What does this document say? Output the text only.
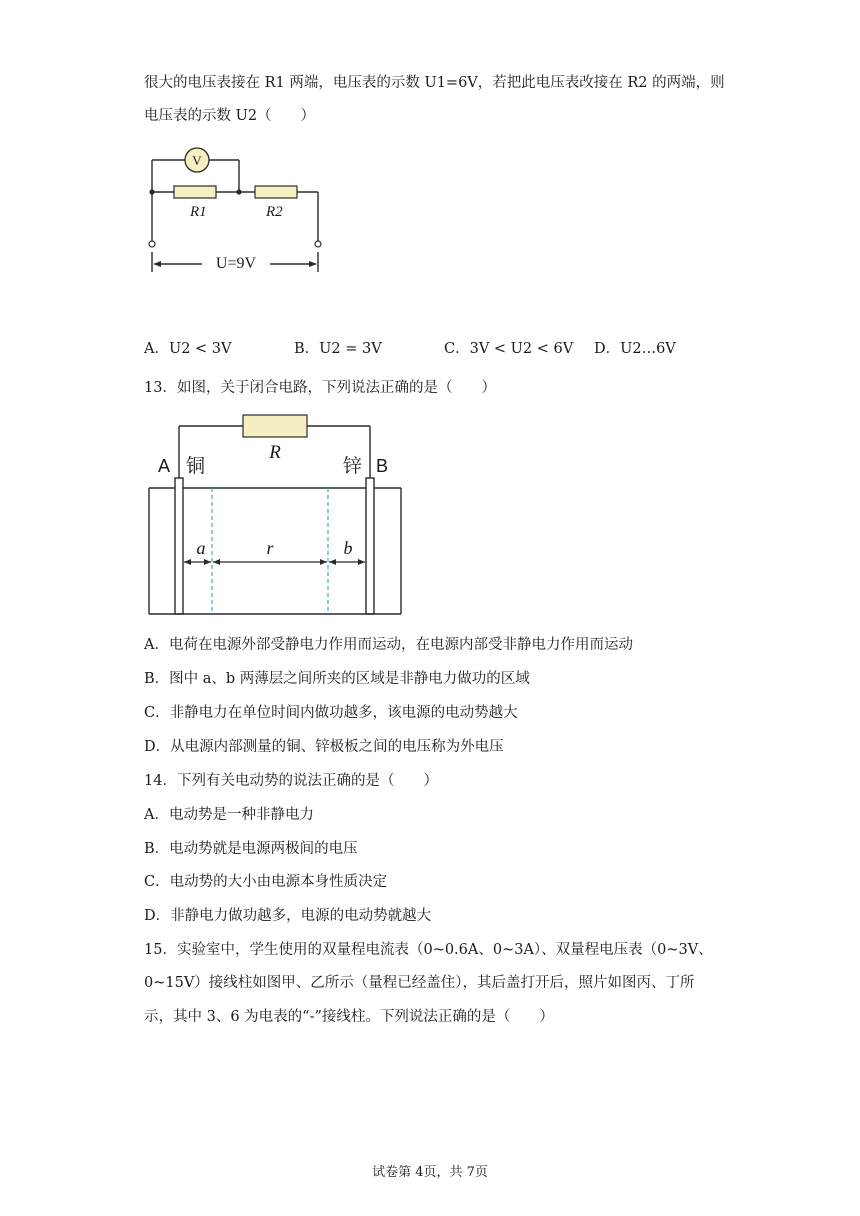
很大的电压表接在 R1 两端，电压表的示数 U1=6V，若把此电压表改接在 R2 的两端，则
电压表的示数 U2（　　）
V
R1	R2
U=9V
A．U2 < 3V	B．U2 = 3V	C．3V < U2 < 6V D．U2…6V
13．如图，关于闭合电路，下列说法正确的是（　　）
A 铜
R
锌 B
a	r	b
A．电荷在电源外部受静电力作用而运动，在电源内部受非静电力作用而运动
B．图中 a、b 两薄层之间所夹的区域是非静电力做功的区域
C．非静电力在单位时间内做功越多，该电源的电动势越大
D．从电源内部测量的铜、锌极板之间的电压称为外电压
14．下列有关电动势的说法正确的是（　　）
A．电动势是一种非静电力
B．电动势就是电源两极间的电压
C．电动势的大小由电源本身性质决定
D．非静电力做功越多，电源的电动势就越大
15．实验室中，学生使用的双量程电流表（0~0.6A、0~3A）、双量程电压表（0~3V、
0~15V）接线柱如图甲、乙所示（量程已经盖住），其后盖打开后，照片如图丙、丁所
示，其中 3、6 为电表的“-”接线柱。下列说法正确的是（　　）
试卷第 4页，共 7页
